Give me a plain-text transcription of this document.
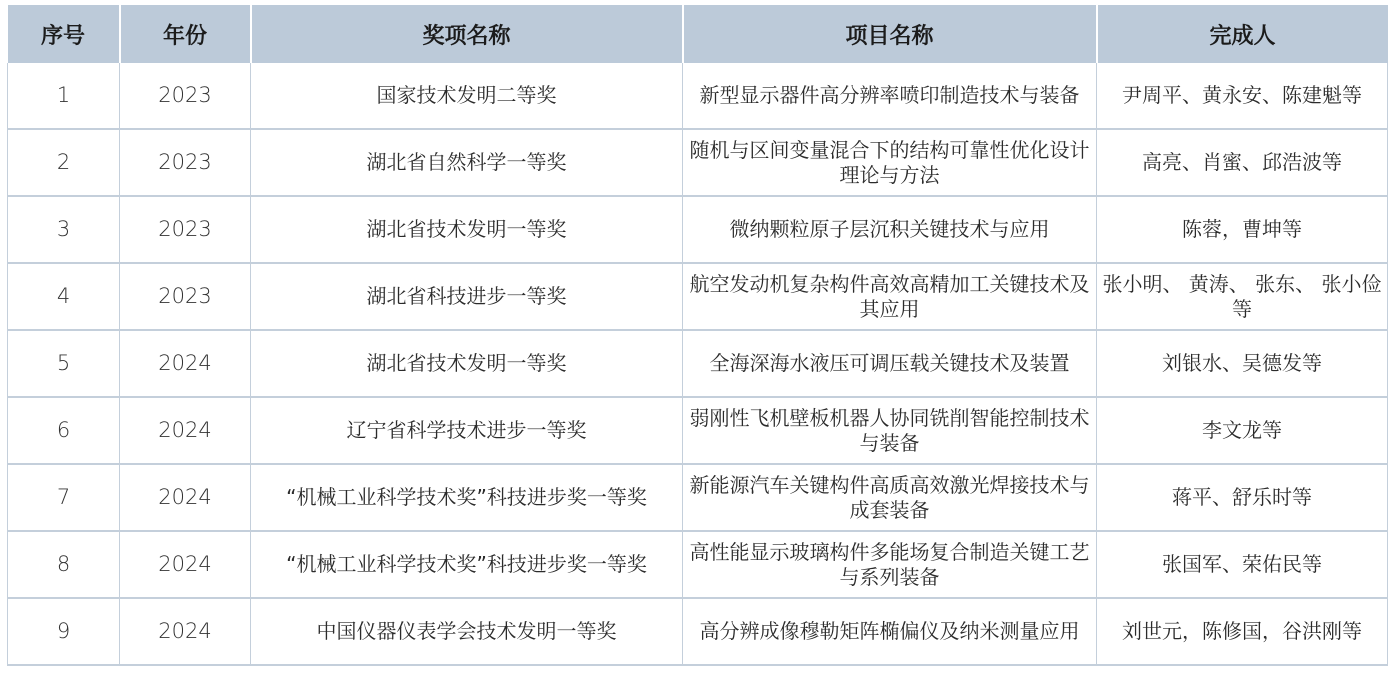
序号	年份	奖项名称	项目名称	完成人
1	2023	国家技术发明二等奖	新型显示器件高分辨率喷印制造技术与装备	尹周平、黄永安、陈建魁等
2	2023	湖北省自然科学一等奖	随机与区间变量混合下的结构可靠性优化设计理论与方法	高亮、肖蜜、邱浩波等
3	2023	湖北省技术发明一等奖	微纳颗粒原子层沉积关键技术与应用	陈蓉，曹坤等
4	2023	湖北省科技进步一等奖	航空发动机复杂构件高效高精加工关键技术及其应用	张小明、 黄涛、 张东、 张小俭等
5	2024	湖北省技术发明一等奖	全海深海水液压可调压载关键技术及装置	刘银水、吴德发等
6	2024	辽宁省科学技术进步一等奖	弱刚性飞机壁板机器人协同铣削智能控制技术与装备	李文龙等
7	2024	“机械工业科学技术奖”科技进步奖一等奖	新能源汽车关键构件高质高效激光焊接技术与成套装备	蒋平、舒乐时等
8	2024	“机械工业科学技术奖”科技进步奖一等奖	高性能显示玻璃构件多能场复合制造关键工艺与系列装备	张国军、荣佑民等
9	2024	中国仪器仪表学会技术发明一等奖	高分辨成像穆勒矩阵椭偏仪及纳米测量应用	刘世元，陈修国，谷洪刚等
